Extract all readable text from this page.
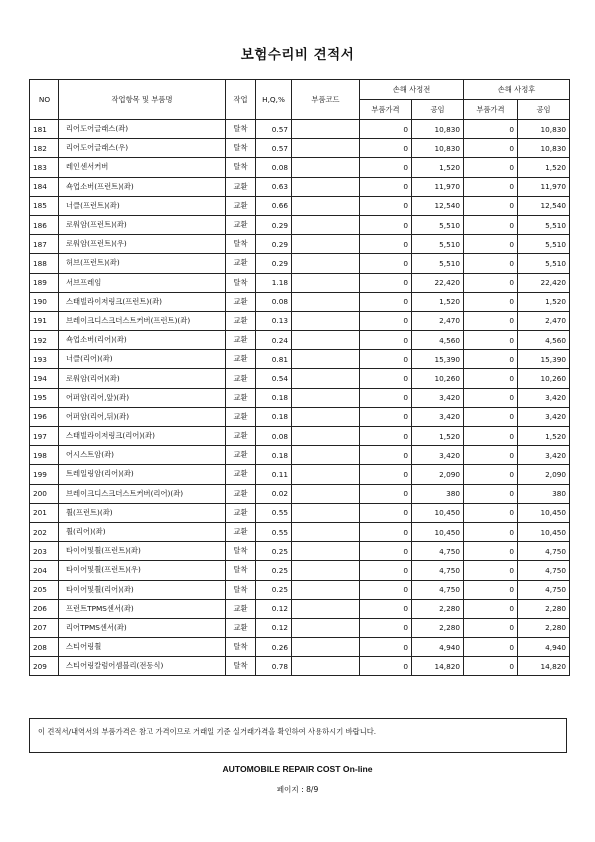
보험수리비 견적서
NO	작업항목 및 부품명	작업	H,Q,%	부품코드	손해 사정전		손해 사정후	
					부품가격	공임	부품가격	공임
181	리어도어글래스(좌)	탈착	0.57		0	10,830	0	10,830
182	리어도어글래스(우)	탈착	0.57		0	10,830	0	10,830
183	레인센서커버	탈착	0.08		0	1,520	0	1,520
184	쇽업소버(프런트)(좌)	교환	0.63		0	11,970	0	11,970
185	너클(프런트)(좌)	교환	0.66		0	12,540	0	12,540
186	로워암(프런트)(좌)	교환	0.29		0	5,510	0	5,510
187	로워암(프런트)(우)	탈착	0.29		0	5,510	0	5,510
188	허브(프런트)(좌)	교환	0.29		0	5,510	0	5,510
189	서브프레임	탈착	1.18		0	22,420	0	22,420
190	스태빌라이저링크(프런트)(좌)	교환	0.08		0	1,520	0	1,520
191	브레이크디스크더스트커버(프런트)(좌)	교환	0.13		0	2,470	0	2,470
192	쇽업소버(리어)(좌)	교환	0.24		0	4,560	0	4,560
193	너클(리어)(좌)	교환	0.81		0	15,390	0	15,390
194	로워암(리어)(좌)	교환	0.54		0	10,260	0	10,260
195	어퍼암(리어,앞)(좌)	교환	0.18		0	3,420	0	3,420
196	어퍼암(리어,뒤)(좌)	교환	0.18		0	3,420	0	3,420
197	스태빌라이저링크(리어)(좌)	교환	0.08		0	1,520	0	1,520
198	어시스트암(좌)	교환	0.18		0	3,420	0	3,420
199	트레일링암(리어)(좌)	교환	0.11		0	2,090	0	2,090
200	브레이크디스크더스트커버(리어)(좌)	교환	0.02		0	380	0	380
201	휠(프런트)(좌)	교환	0.55		0	10,450	0	10,450
202	휠(리어)(좌)	교환	0.55		0	10,450	0	10,450
203	타이어및휠(프런트)(좌)	탈착	0.25		0	4,750	0	4,750
204	타이어및휠(프런트)(우)	탈착	0.25		0	4,750	0	4,750
205	타이어및휠(리어)(좌)	탈착	0.25		0	4,750	0	4,750
206	프런트TPMS센서(좌)	교환	0.12		0	2,280	0	2,280
207	리어TPMS센서(좌)	교환	0.12		0	2,280	0	2,280
208	스티어링휠	탈착	0.26		0	4,940	0	4,940
209	스티어링칼럼어셈블리(전동식)	탈착	0.78		0	14,820	0	14,820
이 견적서/내역서의 부품가격은 참고 가격이므로 거래일 기준 실거래가격을 확인하여 사용하시기 바랍니다.
AUTOMOBILE REPAIR COST On-line
페이지 : 8/9
